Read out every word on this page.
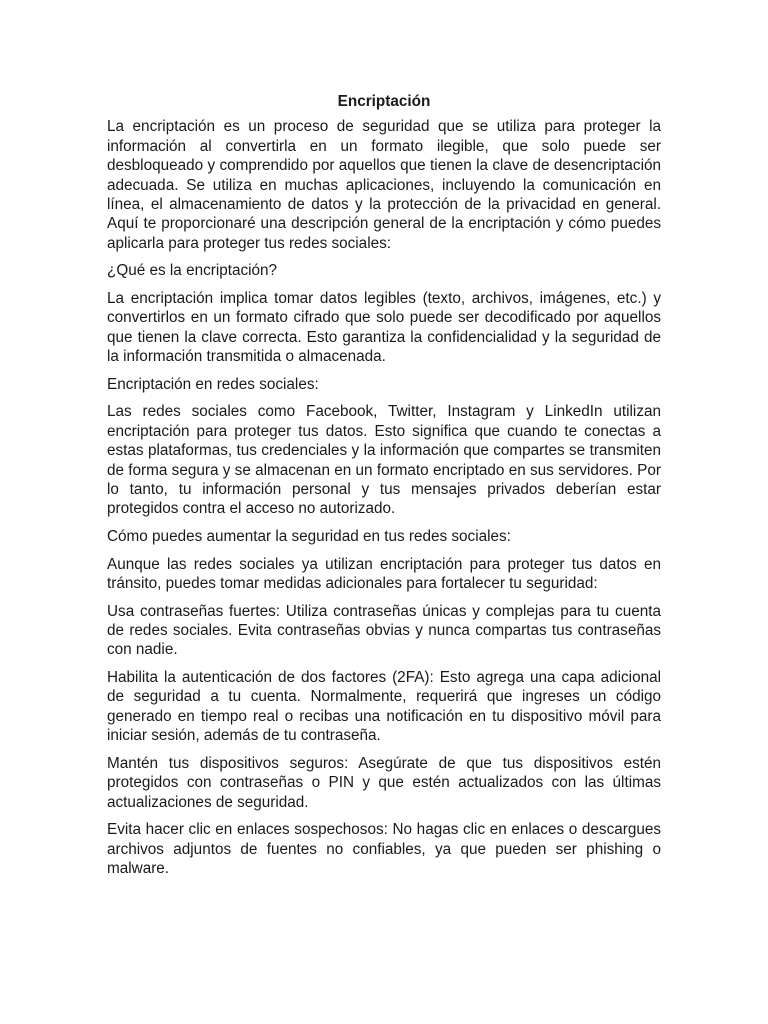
Encriptación

La encriptación es un proceso de seguridad que se utiliza para proteger la información al convertirla en un formato ilegible, que solo puede ser desbloqueado y comprendido por aquellos que tienen la clave de desencriptación adecuada. Se utiliza en muchas aplicaciones, incluyendo la comunicación en línea, el almacenamiento de datos y la protección de la privacidad en general. Aquí te proporcionaré una descripción general de la encriptación y cómo puedes aplicarla para proteger tus redes sociales:

¿Qué es la encriptación?

La encriptación implica tomar datos legibles (texto, archivos, imágenes, etc.) y convertirlos en un formato cifrado que solo puede ser decodificado por aquellos que tienen la clave correcta. Esto garantiza la confidencialidad y la seguridad de la información transmitida o almacenada.

Encriptación en redes sociales:

Las redes sociales como Facebook, Twitter, Instagram y LinkedIn utilizan encriptación para proteger tus datos. Esto significa que cuando te conectas a estas plataformas, tus credenciales y la información que compartes se transmiten de forma segura y se almacenan en un formato encriptado en sus servidores. Por lo tanto, tu información personal y tus mensajes privados deberían estar protegidos contra el acceso no autorizado.

Cómo puedes aumentar la seguridad en tus redes sociales:

Aunque las redes sociales ya utilizan encriptación para proteger tus datos en tránsito, puedes tomar medidas adicionales para fortalecer tu seguridad:

Usa contraseñas fuertes: Utiliza contraseñas únicas y complejas para tu cuenta de redes sociales. Evita contraseñas obvias y nunca compartas tus contraseñas con nadie.

Habilita la autenticación de dos factores (2FA): Esto agrega una capa adicional de seguridad a tu cuenta. Normalmente, requerirá que ingreses un código generado en tiempo real o recibas una notificación en tu dispositivo móvil para iniciar sesión, además de tu contraseña.

Mantén tus dispositivos seguros: Asegúrate de que tus dispositivos estén protegidos con contraseñas o PIN y que estén actualizados con las últimas actualizaciones de seguridad.

Evita hacer clic en enlaces sospechosos: No hagas clic en enlaces o descargues archivos adjuntos de fuentes no confiables, ya que pueden ser phishing o malware.
